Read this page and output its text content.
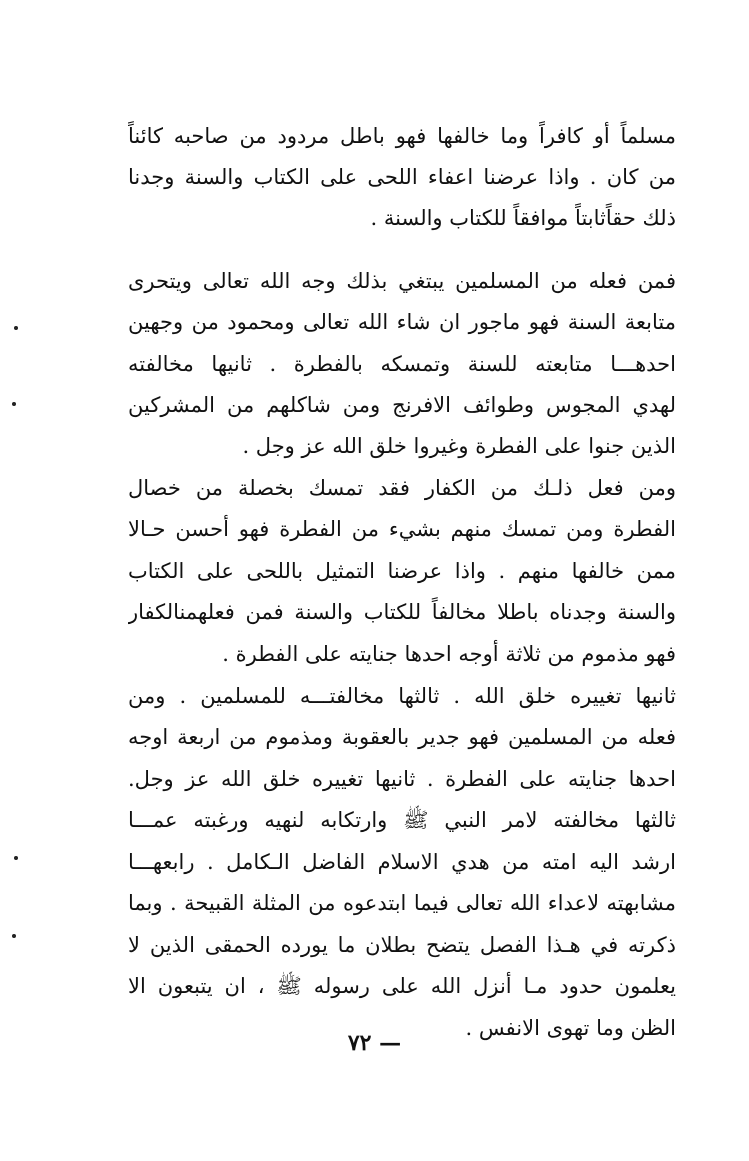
مسلماً أو كافراً وما خالفها فهو باطل مردود من صاحبه كائناً
من كان . واذا عرضنا اعفاء اللحى على الكتاب والسنة وجدنا
ذلك حقاًثابتاً موافقاً للكتاب والسنة .
فمن فعله من المسلمين يبتغي بذلك وجه الله تعالى ويتحرى
متابعة السنة فهو ماجور ان شاء الله تعالى ومحمود من وجهين
احدهـــا متابعته للسنة وتمسكه بالفطرة . ثانيها مخالفته
لهدي المجوس وطوائف الافرنج ومن شاكلهم من المشركين
الذين جنوا على الفطرة وغيروا خلق الله عز وجل .
ومن فعل ذلـك من الكفار فقد تمسك بخصلة من خصال
الفطرة ومن تمسك منهم بشيء من الفطرة فهو أحسن حـالا
ممن خالفها منهم . واذا عرضنا التمثيل باللحى على الكتاب
والسنة وجدناه باطلا مخالفاً للكتاب والسنة فمن فعلهمنالكفار
فهو مذموم من ثلاثة أوجه احدها جنايته على الفطرة .
ثانيها تغييره خلق الله . ثالثها مخالفتـــه للمسلمين . ومن
فعله من المسلمين فهو جدير بالعقوبة ومذموم من اربعة اوجه
احدها جنايته على الفطرة . ثانيها تغييره خلق الله عز وجل.
ثالثها مخالفته لامر النبي ﷺ وارتكابه لنهيه ورغبته عمـــا
ارشد اليه امته من هدي الاسلام الفاضل الـكامل . رابعهـــا
مشابهته لاعداء الله تعالى فيما ابتدعوه من المثلة القبيحة . وبما
ذكرته في هـذا الفصل يتضح بطلان ما يورده الحمقى الذين لا
يعلمون حدود مـا أنزل الله على رسوله ﷺ ، ان يتبعون الا
الظن وما تهوى الانفس .
— ٧٢
